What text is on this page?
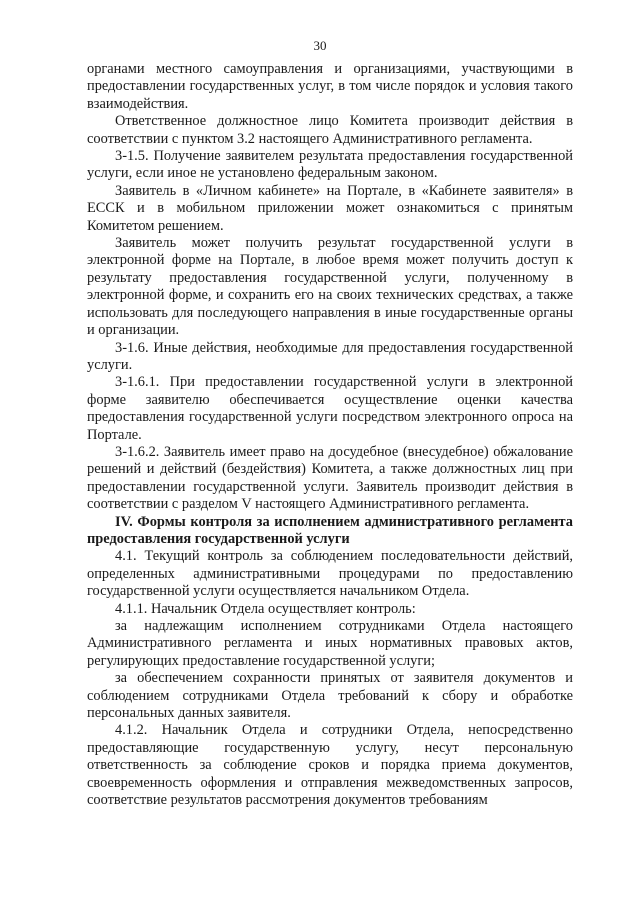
30

органами местного самоуправления и организациями, участвующими в предоставлении государственных услуг, в том числе порядок и условия такого взаимодействия.

Ответственное должностное лицо Комитета производит действия в соответствии с пунктом 3.2 настоящего Административного регламента.

3-1.5. Получение заявителем результата предоставления государственной услуги, если иное не установлено федеральным законом.

Заявитель в «Личном кабинете» на Портале, в «Кабинете заявителя» в ЕССК и в мобильном приложении может ознакомиться с принятым Комитетом решением.

Заявитель может получить результат государственной услуги в электронной форме на Портале, в любое время может получить доступ к результату предоставления государственной услуги, полученному в электронной форме, и сохранить его на своих технических средствах, а также использовать для последующего направления в иные государственные органы и организации.

3-1.6. Иные действия, необходимые для предоставления государственной услуги.

3-1.6.1. При предоставлении государственной услуги в электронной форме заявителю обеспечивается осуществление оценки качества предоставления государственной услуги посредством электронного опроса на Портале.

3-1.6.2. Заявитель имеет право на досудебное (внесудебное) обжалование решений и действий (бездействия) Комитета, а также должностных лиц при предоставлении государственной услуги. Заявитель производит действия в соответствии с разделом V настоящего Административного регламента.

IV. Формы контроля за исполнением административного регламента предоставления государственной услуги

4.1. Текущий контроль за соблюдением последовательности действий, определенных административными процедурами по предоставлению государственной услуги осуществляется начальником Отдела.

4.1.1. Начальник Отдела осуществляет контроль:

за надлежащим исполнением сотрудниками Отдела настоящего Административного регламента и иных нормативных правовых актов, регулирующих предоставление государственной услуги;

за обеспечением сохранности принятых от заявителя документов и соблюдением сотрудниками Отдела требований к сбору и обработке персональных данных заявителя.

4.1.2. Начальник Отдела и сотрудники Отдела, непосредственно предоставляющие государственную услугу, несут персональную ответственность за соблюдение сроков и порядка приема документов, своевременность оформления и отправления межведомственных запросов, соответствие результатов рассмотрения документов требованиям
